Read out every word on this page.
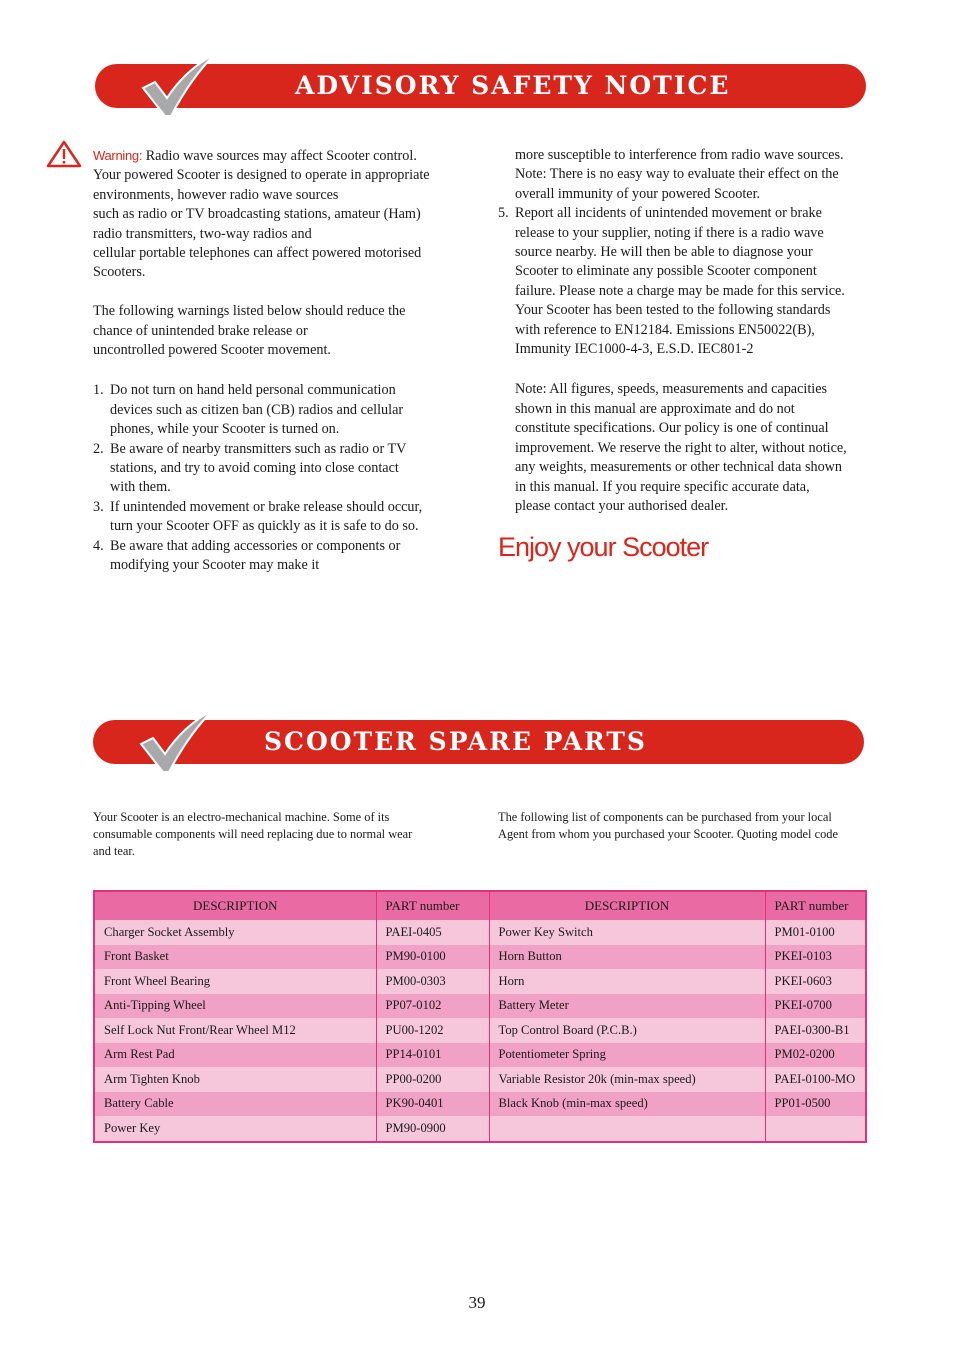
ADVISORY SAFETY NOTICE

Warning: Radio wave sources may affect Scooter control.
Your powered Scooter is designed to operate in appropriate
environments, however radio wave sources
such as radio or TV broadcasting stations, amateur (Ham)
radio transmitters, two-way radios and
cellular portable telephones can affect powered motorised
Scooters.

The following warnings listed below should reduce the
chance of unintended brake release or
uncontrolled powered Scooter movement.

1. Do not turn on hand held personal communication
devices such as citizen ban (CB) radios and cellular
phones, while your Scooter is turned on.
2. Be aware of nearby transmitters such as radio or TV
stations, and try to avoid coming into close contact
with them.
3. If unintended movement or brake release should occur,
turn your Scooter OFF as quickly as it is safe to do so.
4. Be aware that adding accessories or components or
modifying your Scooter may make it

more susceptible to interference from radio wave sources.
Note: There is no easy way to evaluate their effect on the
overall immunity of your powered Scooter.

5. Report all incidents of unintended movement or brake
release to your supplier, noting if there is a radio wave
source nearby. He will then be able to diagnose your
Scooter to eliminate any possible Scooter component
failure. Please note a charge may be made for this service.
Your Scooter has been tested to the following standards
with reference to EN12184. Emissions EN50022(B),
Immunity IEC1000-4-3, E.S.D. IEC801-2

Note: All figures, speeds, measurements and capacities
shown in this manual are approximate and do not
constitute specifications. Our policy is one of continual
improvement. We reserve the right to alter, without notice,
any weights, measurements or other technical data shown
in this manual. If you require specific accurate data,
please contact your authorised dealer.

Enjoy your Scooter
SCOOTER SPARE PARTS
Your Scooter is an electro-mechanical machine. Some of its
consumable components will need replacing due to normal wear
and tear.
The following list of components can be purchased from your local
Agent from whom you purchased your Scooter. Quoting model code
DESCRIPTION	PART number	DESCRIPTION	PART number
Charger Socket Assembly	PAEI-0405	Power Key Switch	PM01-0100
Front Basket	PM90-0100	Horn Button	PKEI-0103
Front Wheel Bearing	PM00-0303	Horn	PKEI-0603
Anti-Tipping Wheel	PP07-0102	Battery Meter	PKEI-0700
Self Lock Nut Front/Rear Wheel M12	PU00-1202	Top Control Board (P.C.B.)	PAEI-0300-B1
Arm Rest Pad	PP14-0101	Potentiometer Spring	PM02-0200
Arm Tighten Knob	PP00-0200	Variable Resistor 20k (min-max speed)	PAEI-0100-MO
Battery Cable	PK90-0401	Black Knob (min-max speed)	PP01-0500
Power Key	PM90-0900		
39
